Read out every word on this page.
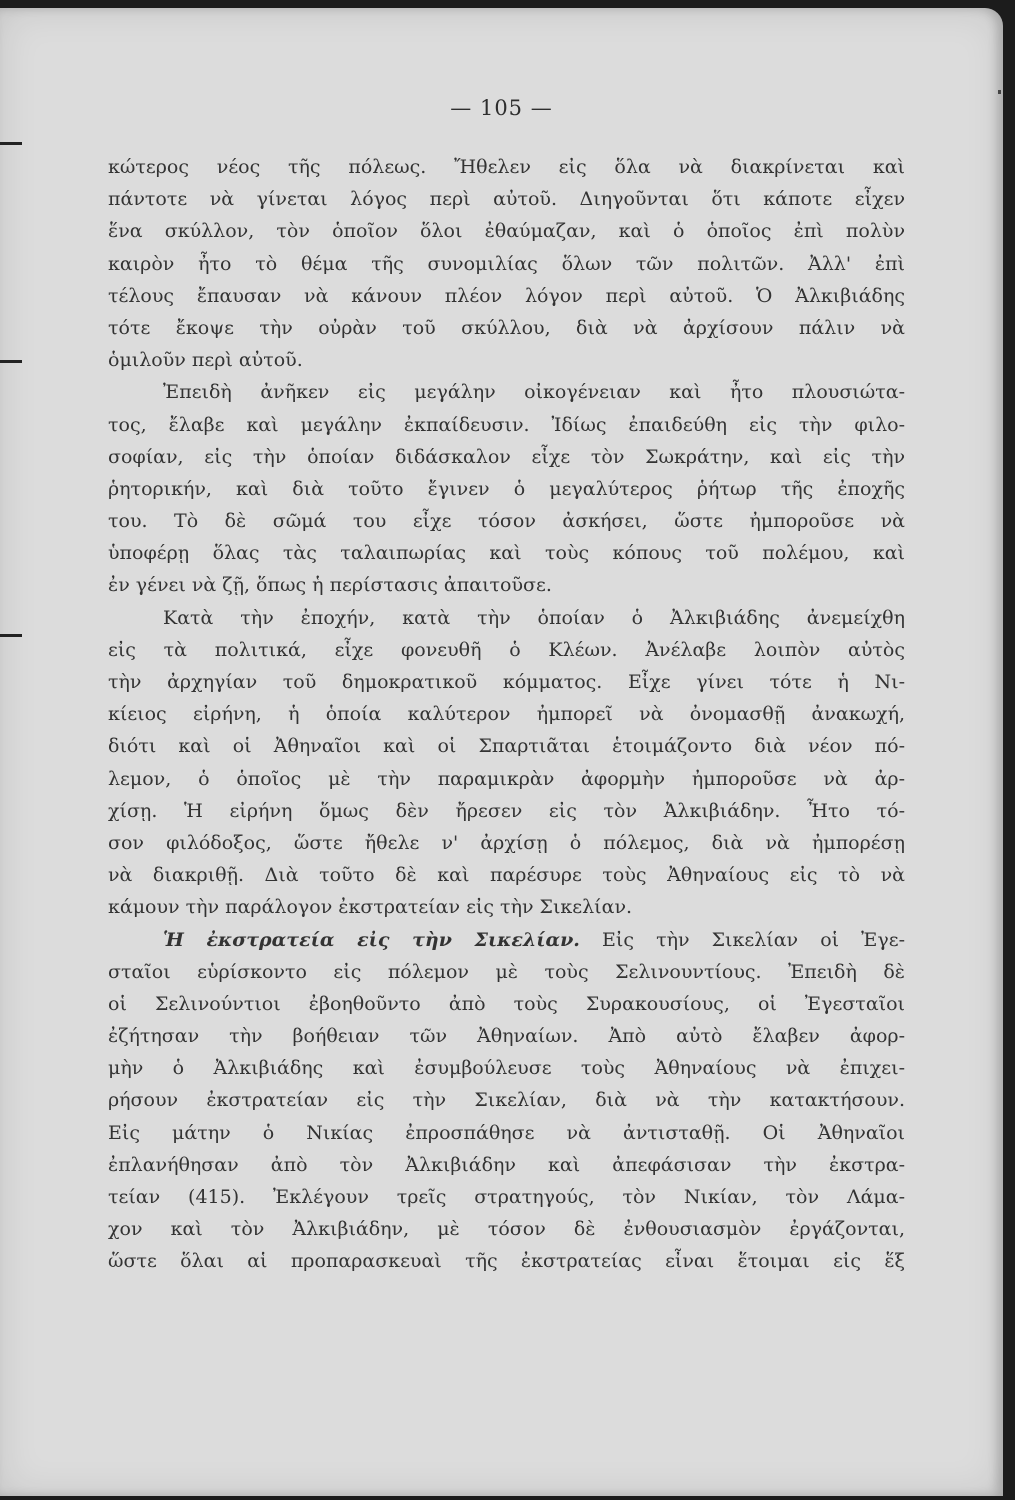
— 105 —
κώτερος νέος τῆς πόλεως. Ἤθελεν εἰς ὅλα νὰ διακρίνεται καὶ
πάντοτε νὰ γίνεται λόγος περὶ αὐτοῦ. Διηγοῦνται ὅτι κάποτε εἶχεν
ἕνα σκύλλον, τὸν ὁποῖον ὅλοι ἐθαύμαζαν, καὶ ὁ ὁποῖος ἐπὶ πολὺν
καιρὸν ἦτο τὸ θέμα τῆς συνομιλίας ὅλων τῶν πολιτῶν. Ἀλλ' ἐπὶ
τέλους ἔπαυσαν νὰ κάνουν πλέον λόγον περὶ αὐτοῦ. Ὁ Ἀλκιβιάδης
τότε ἔκοψε τὴν οὐρὰν τοῦ σκύλλου, διὰ νὰ ἀρχίσουν πάλιν νὰ
ὁμιλοῦν περὶ αὐτοῦ.
Ἐπειδὴ ἀνῆκεν εἰς μεγάλην οἰκογένειαν καὶ ἦτο πλουσιώτα-
τος, ἔλαβε καὶ μεγάλην ἐκπαίδευσιν. Ἰδίως ἐπαιδεύθη εἰς τὴν φιλο-
σοφίαν, εἰς τὴν ὁποίαν διδάσκαλον εἶχε τὸν Σωκράτην, καὶ εἰς τὴν
ῥητορικήν, καὶ διὰ τοῦτο ἔγινεν ὁ μεγαλύτερος ῥήτωρ τῆς ἐποχῆς
του. Τὸ δὲ σῶμά του εἶχε τόσον ἀσκήσει, ὥστε ἠμποροῦσε νὰ
ὑποφέρῃ ὅλας τὰς ταλαιπωρίας καὶ τοὺς κόπους τοῦ πολέμου, καὶ
ἐν γένει νὰ ζῇ, ὅπως ἡ περίστασις ἀπαιτοῦσε.
Κατὰ τὴν ἐποχήν, κατὰ τὴν ὁποίαν ὁ Ἀλκιβιάδης ἀνεμείχθη
εἰς τὰ πολιτικά, εἶχε φονευθῆ ὁ Κλέων. Ἀνέλαβε λοιπὸν αὐτὸς
τὴν ἀρχηγίαν τοῦ δημοκρατικοῦ κόμματος. Εἶχε γίνει τότε ἡ Νι-
κίειος εἰρήνη, ἡ ὁποία καλύτερον ἠμπορεῖ νὰ ὀνομασθῇ ἀνακωχή,
διότι καὶ οἱ Ἀθηναῖοι καὶ οἱ Σπαρτιᾶται ἑτοιμάζοντο διὰ νέον πό-
λεμον, ὁ ὁποῖος μὲ τὴν παραμικρὰν ἀφορμὴν ἠμποροῦσε νὰ ἀρ-
χίσῃ. Ἡ εἰρήνη ὅμως δὲν ἤρεσεν εἰς τὸν Ἀλκιβιάδην. Ἦτο τό-
σον φιλόδοξος, ὥστε ἤθελε ν' ἀρχίσῃ ὁ πόλεμος, διὰ νὰ ἠμπορέσῃ
νὰ διακριθῇ. Διὰ τοῦτο δὲ καὶ παρέσυρε τοὺς Ἀθηναίους εἰς τὸ νὰ
κάμουν τὴν παράλογον ἐκστρατείαν εἰς τὴν Σικελίαν.
Ἡ ἐκστρατεία εἰς τὴν Σικελίαν. Εἰς τὴν Σικελίαν οἱ Ἐγε-
σταῖοι εὑρίσκοντο εἰς πόλεμον μὲ τοὺς Σελινουντίους. Ἐπειδὴ δὲ
οἱ Σελινούντιοι ἐβοηθοῦντο ἀπὸ τοὺς Συρακουσίους, οἱ Ἐγεσταῖοι
ἐζήτησαν τὴν βοήθειαν τῶν Ἀθηναίων. Ἀπὸ αὐτὸ ἔλαβεν ἀφορ-
μὴν ὁ Ἀλκιβιάδης καὶ ἐσυμβούλευσε τοὺς Ἀθηναίους νὰ ἐπιχει-
ρήσουν ἐκστρατείαν εἰς τὴν Σικελίαν, διὰ νὰ τὴν κατακτήσουν.
Εἰς μάτην ὁ Νικίας ἐπροσπάθησε νὰ ἀντισταθῇ. Οἱ Ἀθηναῖοι
ἐπλανήθησαν ἀπὸ τὸν Ἀλκιβιάδην καὶ ἀπεφάσισαν τὴν ἐκστρα-
τείαν (415). Ἐκλέγουν τρεῖς στρατηγούς, τὸν Νικίαν, τὸν Λάμα-
χον καὶ τὸν Ἀλκιβιάδην, μὲ τόσον δὲ ἐνθουσιασμὸν ἐργάζονται,
ὥστε ὅλαι αἱ προπαρασκευαὶ τῆς ἐκστρατείας εἶναι ἕτοιμαι εἰς ἕξ
